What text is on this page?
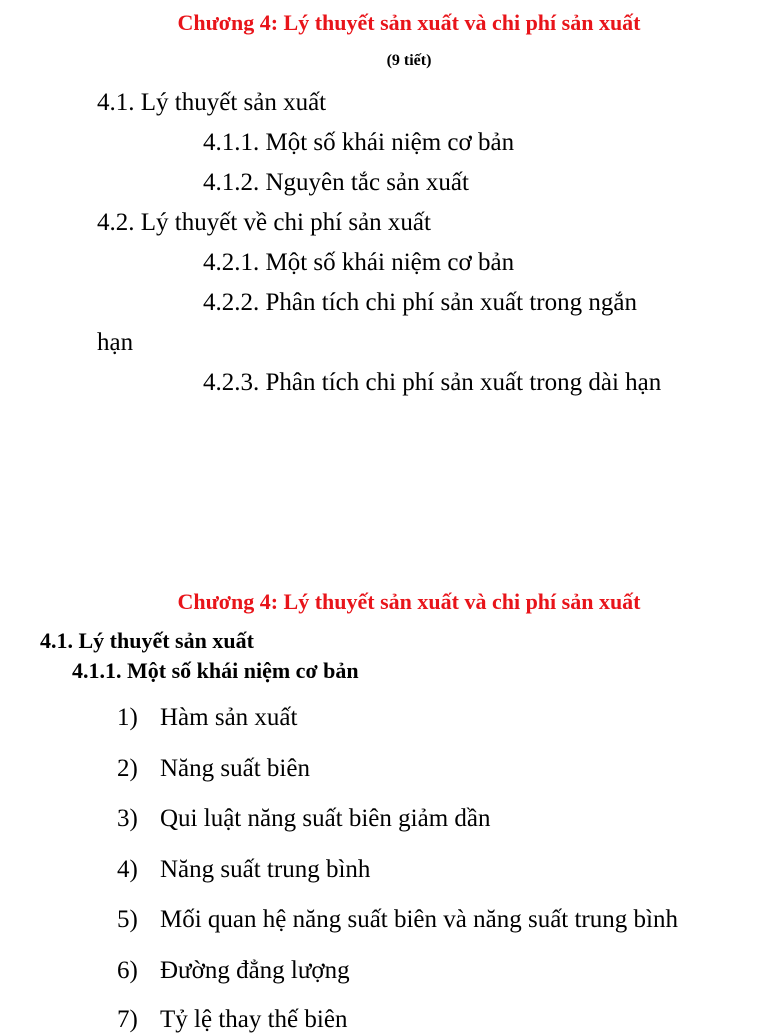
Chương 4: Lý thuyết sản xuất và chi phí sản xuất
(9 tiết)
4.1. Lý thuyết sản xuất
4.1.1. Một số khái niệm cơ bản
4.1.2. Nguyên tắc sản xuất
4.2. Lý thuyết về chi phí sản xuất
4.2.1. Một số khái niệm cơ bản
4.2.2. Phân tích chi phí sản xuất trong ngắn
hạn
4.2.3. Phân tích chi phí sản xuất trong dài hạn
Chương 4: Lý thuyết sản xuất và chi phí sản xuất
4.1. Lý thuyết sản xuất
4.1.1. Một số khái niệm cơ bản
1) Hàm sản xuất
2) Năng suất biên
3) Qui luật năng suất biên giảm dần
4) Năng suất trung bình
5) Mối quan hệ năng suất biên và năng suất trung bình
6) Đường đẳng lượng
7) Tỷ lệ thay thế biên
